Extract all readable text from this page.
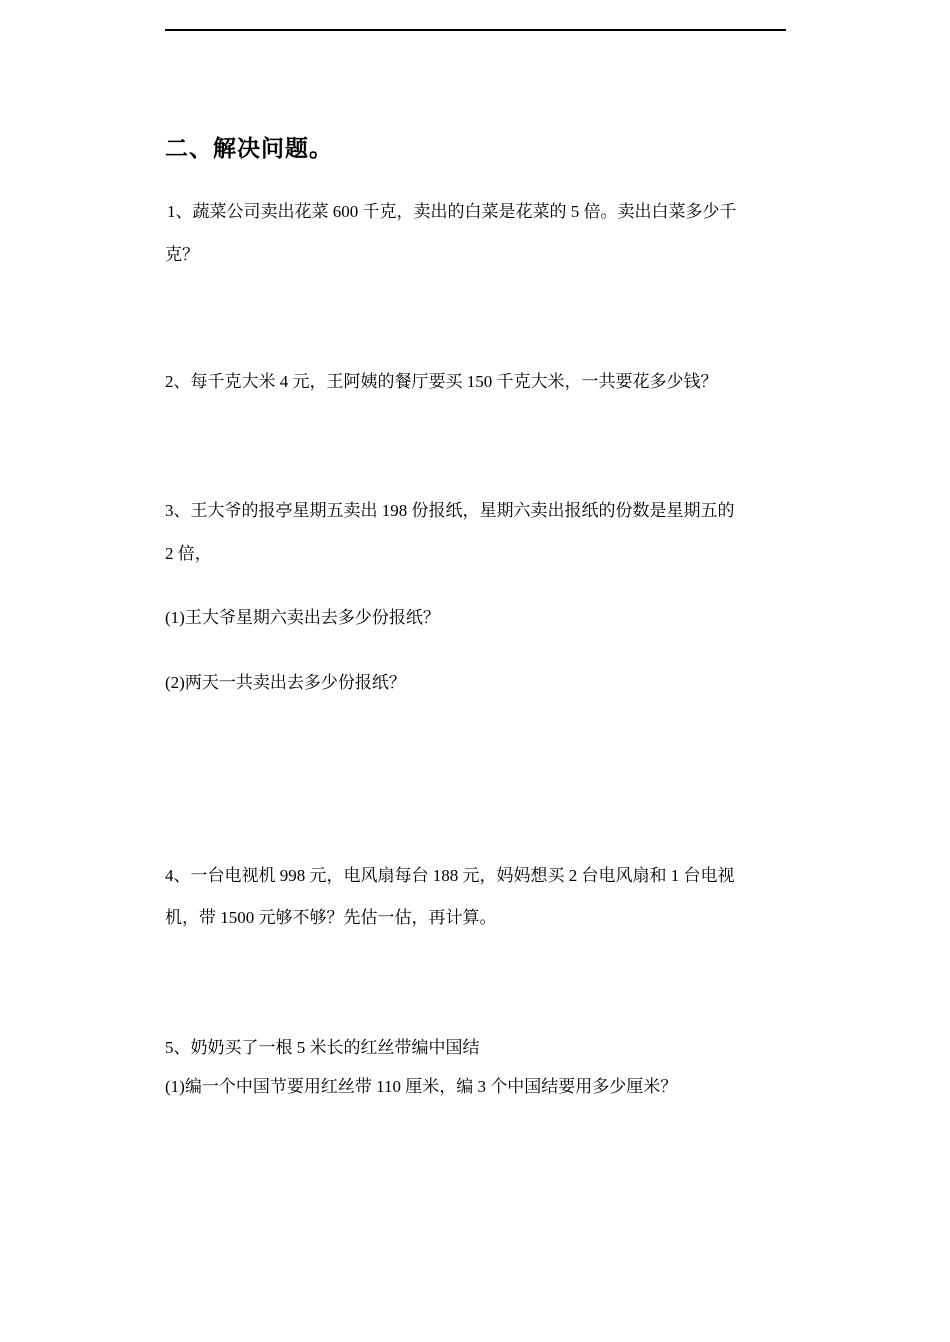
二、解决问题。
1、蔬菜公司卖出花菜 600 千克，卖出的白菜是花菜的 5 倍。卖出白菜多少千
克？
2、每千克大米 4 元，王阿姨的餐厅要买 150 千克大米，一共要花多少钱？
3、王大爷的报亭星期五卖出 198 份报纸，星期六卖出报纸的份数是星期五的
2 倍，
(1)王大爷星期六卖出去多少份报纸？
(2)两天一共卖出去多少份报纸？
4、一台电视机 998 元，电风扇每台 188 元，妈妈想买 2 台电风扇和 1 台电视
机，带 1500 元够不够？先估一估，再计算。
5、奶奶买了一根 5 米长的红丝带编中国结
(1)编一个中国节要用红丝带 110 厘米，编 3 个中国结要用多少厘米？
